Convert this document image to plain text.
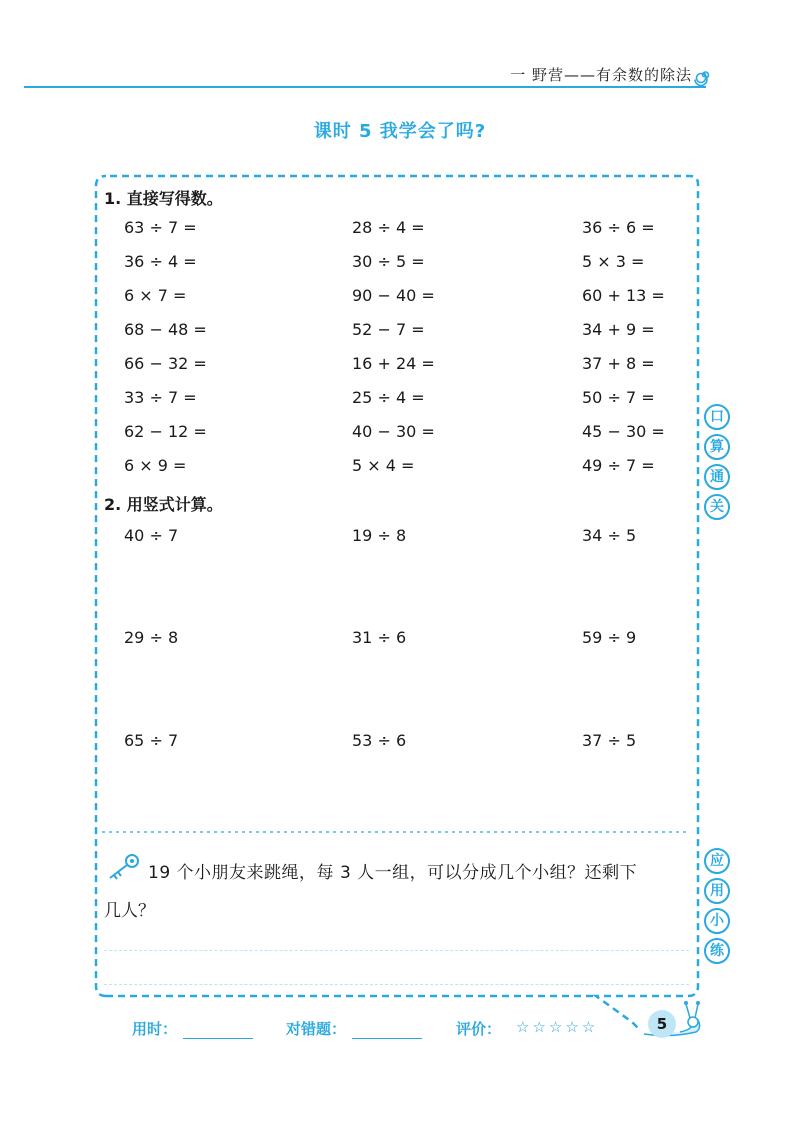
一 野营——有余数的除法
课时 5 我学会了吗?
1. 直接写得数。
63 ÷ 7 =	28 ÷ 4 =	36 ÷ 6 =
36 ÷ 4 =	30 ÷ 5 =	5 × 3 =
6 × 7 =	90 − 40 =	60 + 13 =
68 − 48 =	52 − 7 =	34 + 9 =
66 − 32 =	16 + 24 =	37 + 8 =
33 ÷ 7 =	25 ÷ 4 =	50 ÷ 7 =
62 − 12 =	40 − 30 =	45 − 30 =
6 × 9 =	5 × 4 =	49 ÷ 7 =
2. 用竖式计算。
40 ÷ 7	19 ÷ 8	34 ÷ 5
29 ÷ 8	31 ÷ 6	59 ÷ 9
65 ÷ 7	53 ÷ 6	37 ÷ 5
19 个小朋友来跳绳，每 3 人一组，可以分成几个小组？还剩下
几人？
口
算
通
关
应
用
小
练
用时：	对错题：	评价： ☆☆☆☆☆	5
